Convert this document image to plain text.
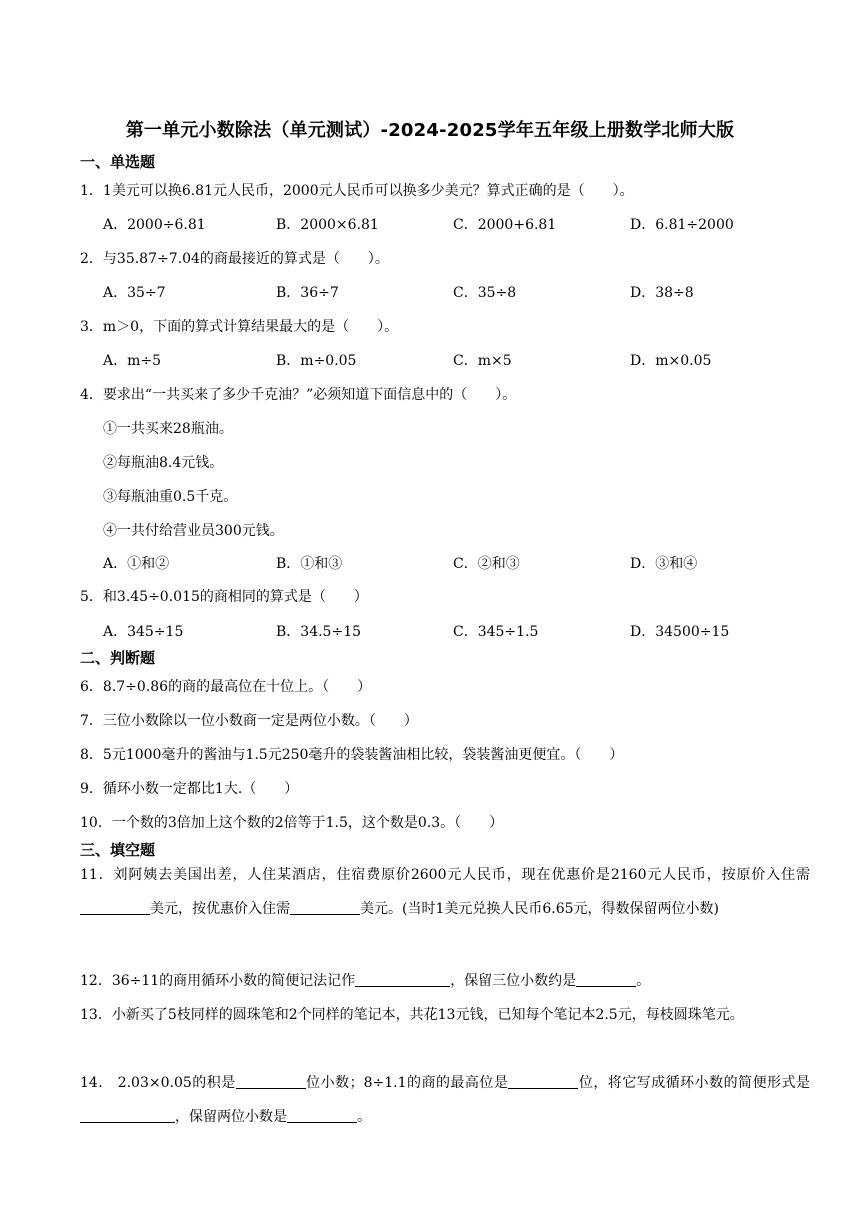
第一单元小数除法（单元测试）-2024-2025学年五年级上册数学北师大版
一、单选题
1．1美元可以换6.81元人民币，2000元人民币可以换多少美元？算式正确的是（　　）。
A．2000÷6.81	B．2000×6.81	C．2000+6.81	D．6.81÷2000
2．与35.87÷7.04的商最接近的算式是（　　）。
A．35÷7	B．36÷7	C．35÷8	D．38÷8
3．m＞0，下面的算式计算结果最大的是（　　）。
A．m÷5	B．m÷0.05	C．m×5	D．m×0.05
4．要求出“一共买来了多少千克油？”必须知道下面信息中的（　　）。
①一共买来28瓶油。
②每瓶油8.4元钱。
③每瓶油重0.5千克。
④一共付给营业员300元钱。
A．①和②	B．①和③	C．②和③	D．③和④
5．和3.45÷0.015的商相同的算式是（　　）
A．345÷15	B．34.5÷15	C．345÷1.5	D．34500÷15
二、判断题
6．8.7÷0.86的商的最高位在十位上。（　　）
7．三位小数除以一位小数商一定是两位小数。（　　）
8．5元1000毫升的酱油与1.5元250毫升的袋装酱油相比较，袋装酱油更便宜。（　　）
9．循环小数一定都比1大.（　　）
10．一个数的3倍加上这个数的2倍等于1.5，这个数是0.3。（　　）
三、填空题
11．刘阿姨去美国出差，人住某酒店，住宿费原价2600元人民币，现在优惠价是2160元人民币，按原价入住需美元，按优惠价入住需	美元。(当时1美元兑换人民币6.65元，得数保留两位小数)
12．36÷11的商用循环小数的简便记法记作	，保留三位小数约是	。
13．小新买了5枝同样的圆珠笔和2个同样的笔记本，共花13元钱，已知每个笔记本2.5元，每枝圆珠笔元。
14． 2.03×0.05的积是	位小数；8÷1.1的商的最高位是	位，将它写成循环小数的简便形式是，保留两位小数是	。
